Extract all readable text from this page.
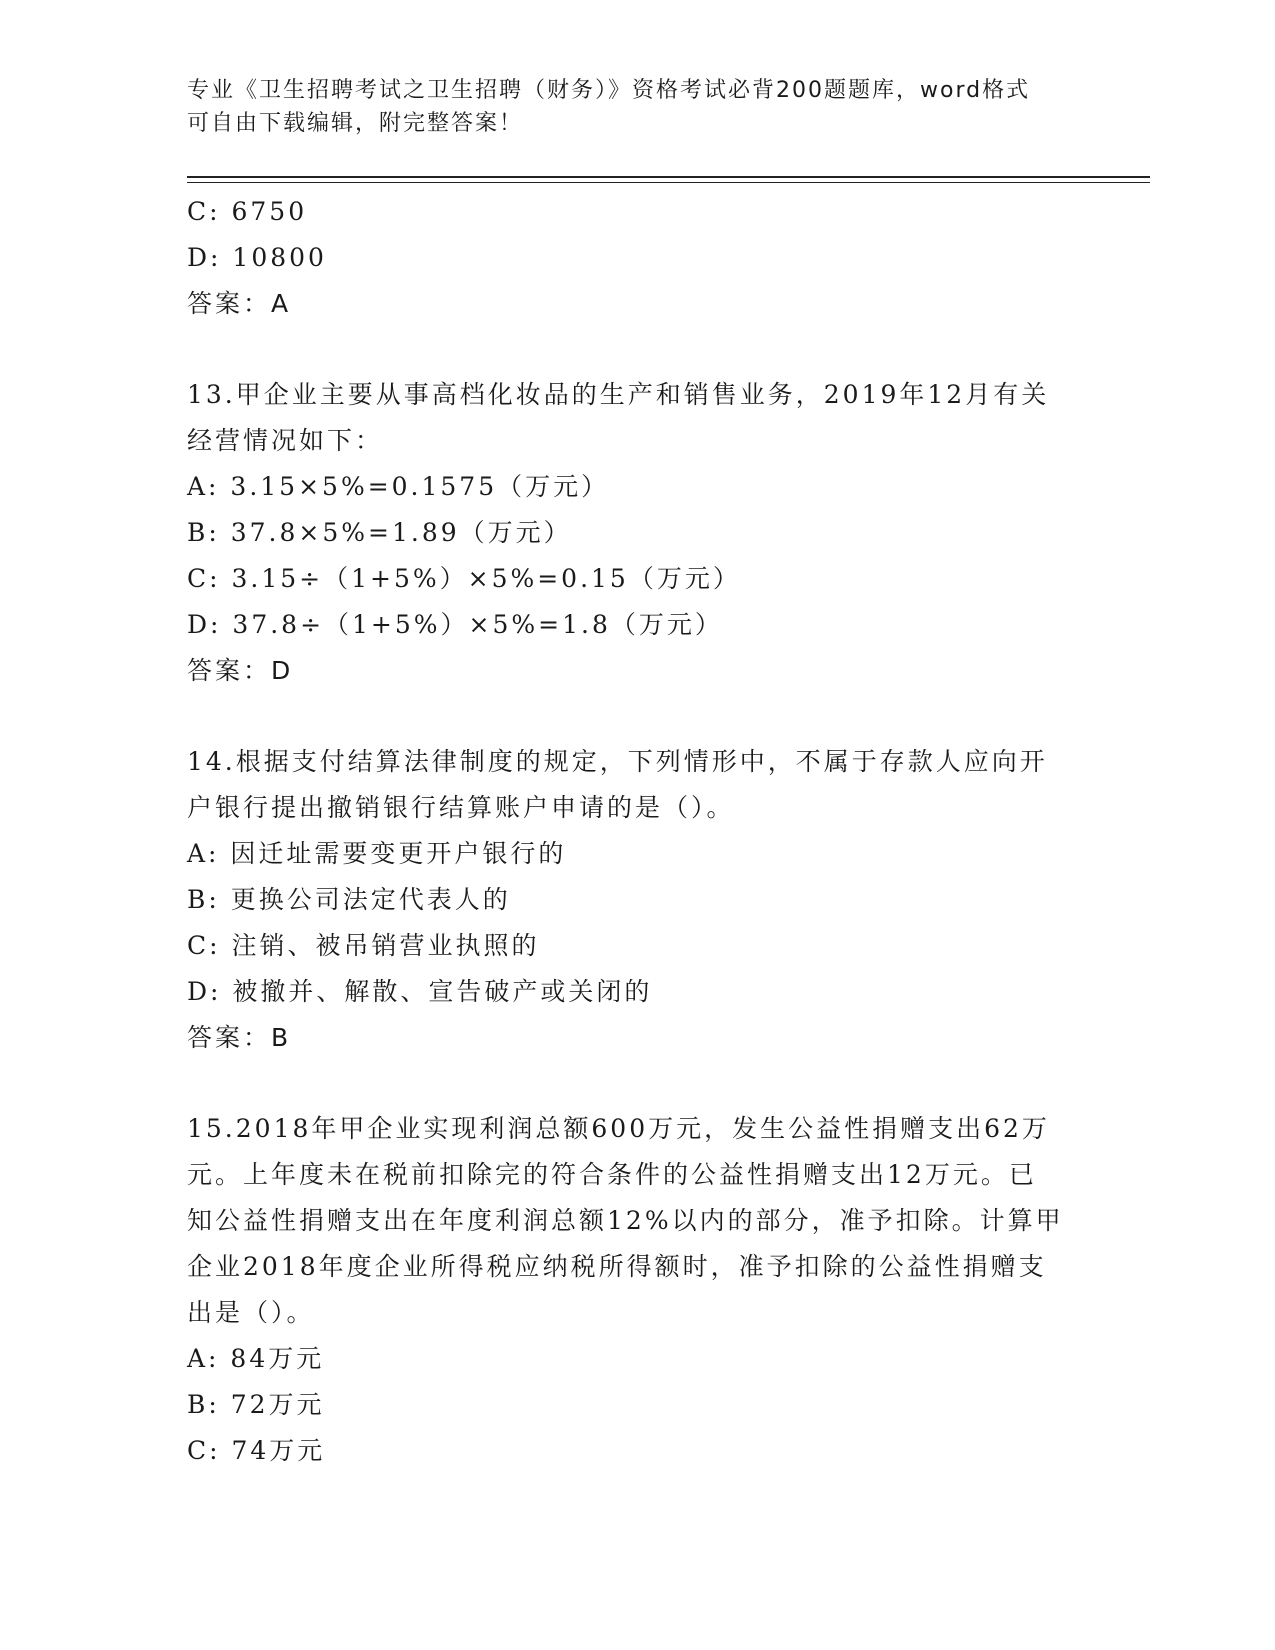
专业《卫生招聘考试之卫生招聘（财务）》资格考试必背200题题库，word格式
可自由下载编辑，附完整答案！
C: 6750
D: 10800
答案：A
13.甲企业主要从事高档化妆品的生产和销售业务，2019年12月有关
经营情况如下：
A: 3.15×5%=0.1575（万元）
B: 37.8×5%=1.89（万元）
C: 3.15÷（1+5%）×5%=0.15（万元）
D: 37.8÷（1+5%）×5%=1.8（万元）
答案：D
14.根据支付结算法律制度的规定，下列情形中，不属于存款人应向开
户银行提出撤销银行结算账户申请的是（）。
A: 因迁址需要变更开户银行的
B: 更换公司法定代表人的
C: 注销、被吊销营业执照的
D: 被撤并、解散、宣告破产或关闭的
答案：B
15.2018年甲企业实现利润总额600万元，发生公益性捐赠支出62万
元。上年度未在税前扣除完的符合条件的公益性捐赠支出12万元。已
知公益性捐赠支出在年度利润总额12%以内的部分，准予扣除。计算甲
企业2018年度企业所得税应纳税所得额时，准予扣除的公益性捐赠支
出是（）。
A: 84万元
B: 72万元
C: 74万元
